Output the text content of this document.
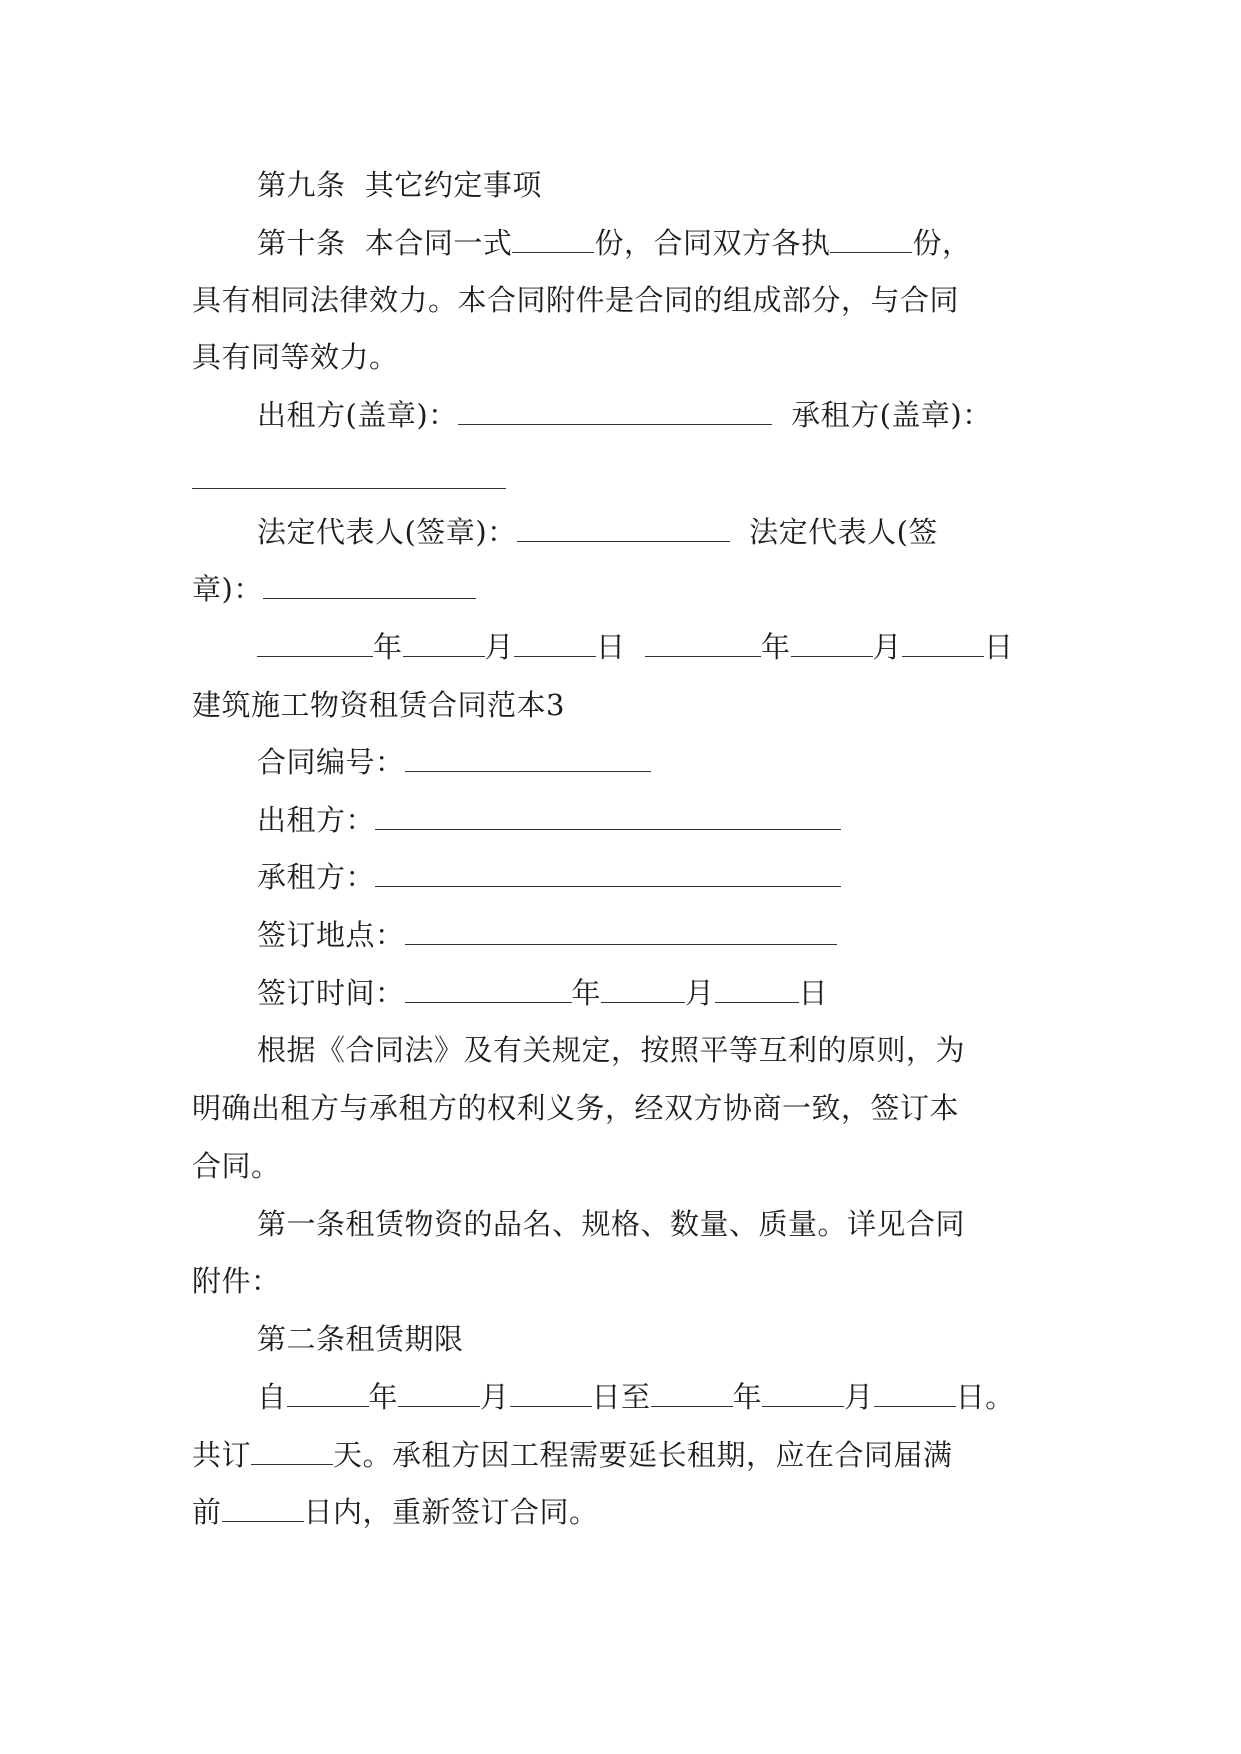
第九条  其它约定事项
第十条  本合同一式	份，合同双方各执	份，
具有相同法律效力。本合同附件是合同的组成部分，与合同
具有同等效力。
出租方(盖章)：	承租方(盖章)：
法定代表人(签章)：	法定代表人(签
章)：
年	月	日	年	月	日
建筑施工物资租赁合同范本3
合同编号：
出租方：
承租方：
签订地点：
签订时间：	年	月	日
根据《合同法》及有关规定，按照平等互利的原则，为
明确出租方与承租方的权利义务，经双方协商一致，签订本
合同。
第一条租赁物资的品名、规格、数量、质量。详见合同
附件：
第二条租赁期限
自	年	月	日至	年	月	日。
共订	天。承租方因工程需要延长租期，应在合同届满
前	日内，重新签订合同。
